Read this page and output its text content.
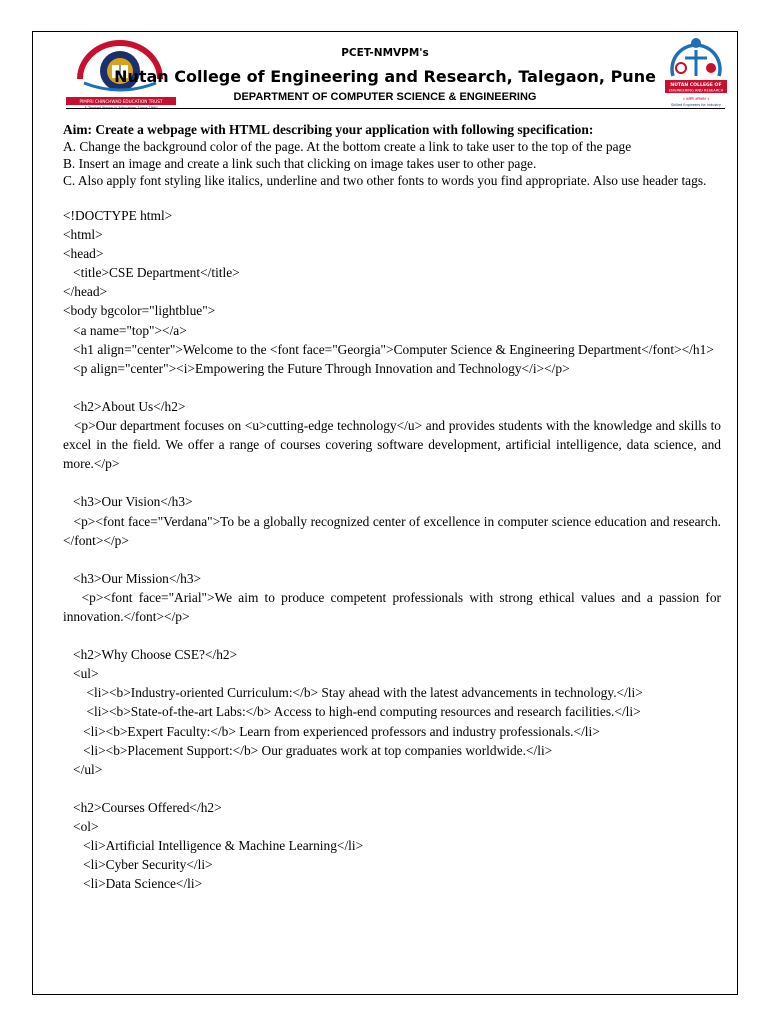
PIMPRI CHINCHWAD EDUCATION TRUST
A Trusted Name in Education Since 1990
PCET-NMVPM's
Nutan College of Engineering and Research, Talegaon, Pune
DEPARTMENT OF COMPUTER SCIENCE & ENGINEERING
NUTAN COLLEGE OF
ENGINEERING AND RESEARCH
॥ कर्मणि अभिरमेत ॥
Skilled Engineers for Industry

Aim: Create a webpage with HTML describing your application with following specification:

A. Change the background color of the page. At the bottom create a link to take user to the top of the page

B. Insert an image and create a link such that clicking on image takes user to other page.

C. Also apply font styling like italics, underline and two other fonts to words you find appropriate. Also use header tags.

<!DOCTYPE html>

<html>

<head>

<title>CSE Department</title>

</head>

<body bgcolor="lightblue">

<a name="top"></a>

<h1 align="center">Welcome to the <font face="Georgia">Computer Science & Engineering Department</font></h1>

<p align="center"><i>Empowering the Future Through Innovation and Technology</i></p>

<h2>About Us</h2>

<p>Our department focuses on <u>cutting-edge technology</u> and provides students with the knowledge and skills to excel in the field. We offer a range of courses covering software development, artificial intelligence, data science, and more.</p>

<h3>Our Vision</h3>

<p><font face="Verdana">To be a globally recognized center of excellence in computer science education and research.</font></p>

<h3>Our Mission</h3>

<p><font face="Arial">We aim to produce competent professionals with strong ethical values and a passion for innovation.</font></p>

<h2>Why Choose CSE?</h2>

<ul>

<li><b>Industry-oriented Curriculum:</b> Stay ahead with the latest advancements in technology.</li>

<li><b>State-of-the-art Labs:</b> Access to high-end computing resources and research facilities.</li>

<li><b>Expert Faculty:</b> Learn from experienced professors and industry professionals.</li>

<li><b>Placement Support:</b> Our graduates work at top companies worldwide.</li>

</ul>

<h2>Courses Offered</h2>

<ol>

<li>Artificial Intelligence & Machine Learning</li>

<li>Cyber Security</li>

<li>Data Science</li>
